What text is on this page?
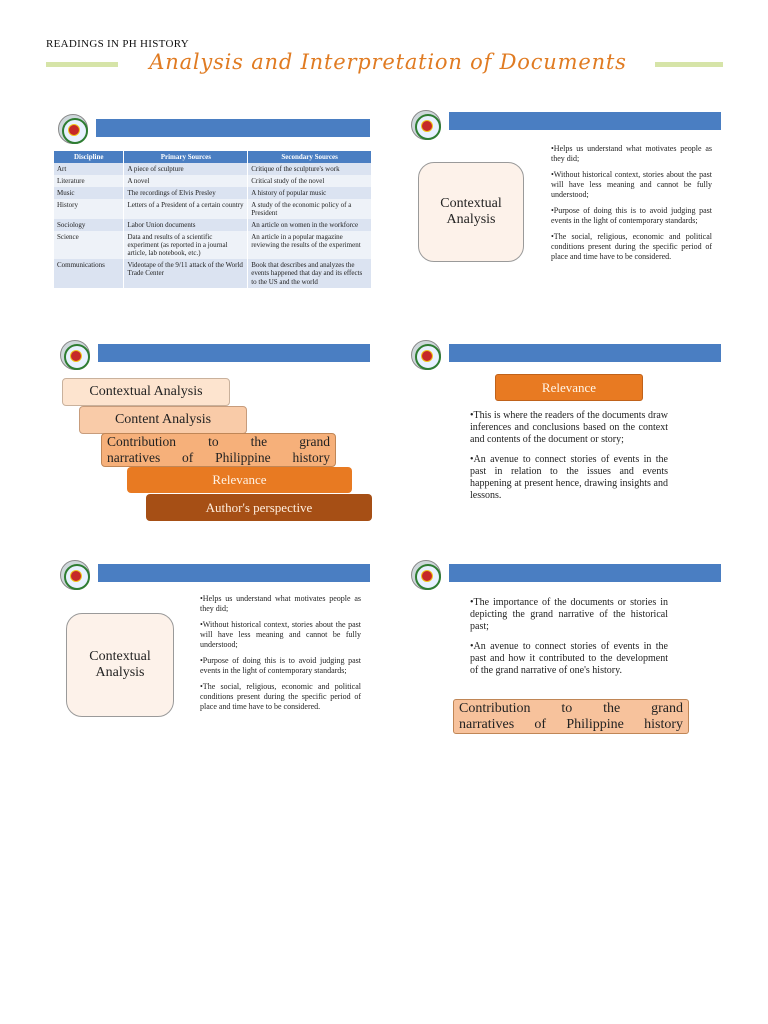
READINGS IN PH HISTORY
Analysis and Interpretation of Documents
Discipline	Primary Sources	Secondary Sources
Art	A piece of sculpture	Critique of the sculpture's work
Literature	A novel	Critical study of the novel
Music	The recordings of Elvis Presley	A history of popular music
History	Letters of a President of a certain country	A study of the economic policy of a President
Sociology	Labor Union documents	An article on women in the workforce
Science	Data and results of a scientific experiment (as reported in a journal article, lab notebook, etc.)	An article in a popular magazine reviewing the results of the experiment
Communications	Videotape of the 9/11 attack of the World Trade Center	Book that describes and analyzes the events happened that day and its effects to the US and the world
Contextual
Analysis

•Helps us understand what motivates people as they did;

•Without historical context, stories about the past will have less meaning and cannot be fully understood;

•Purpose of doing this is to avoid judging past events in the light of contemporary standards;

•The social, religious, economic and political conditions present during the specific period of place and time have to be considered.

Contextual Analysis
Content Analysis
Contribution to the grand
narratives of Philippine history
Relevance
Author's perspective
Relevance

•This is where the readers of the documents draw inferences and conclusions based on the context and contents of the document or story;

•An avenue to connect stories of events in the past in relation to the issues and events happening at present hence, drawing insights and lessons.

Contextual
Analysis

•Helps us understand what motivates people as they did;

•Without historical context, stories about the past will have less meaning and cannot be fully understood;

•Purpose of doing this is to avoid judging past events in the light of contemporary standards;

•The social, religious, economic and political conditions present during the specific period of place and time have to be considered.

•The importance of the documents or stories in depicting the grand narrative of the historical past;

•An avenue to connect stories of events in the past and how it contributed to the development of the grand narrative of one's history.

Contribution to the grand
narratives of Philippine history
